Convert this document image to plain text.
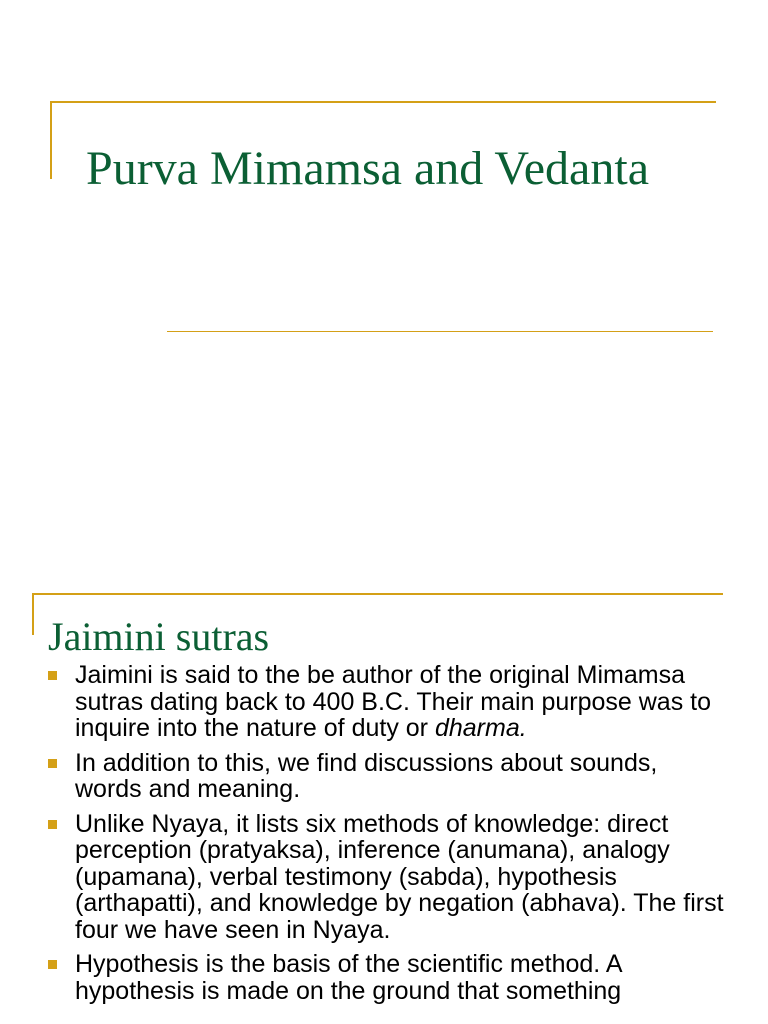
Purva Mimamsa and Vedanta
Jaimini sutras
Jaimini is said to the be author of the original Mimamsa sutras dating back to 400 B.C. Their main purpose was to inquire into the nature of duty or dharma.
In addition to this, we find discussions about sounds, words and meaning.
Unlike Nyaya, it lists six methods of knowledge: direct perception (pratyaksa), inference (anumana), analogy (upamana), verbal testimony (sabda), hypothesis (arthapatti), and knowledge by negation (abhava). The first four we have seen in Nyaya.
Hypothesis is the basis of the scientific method. A hypothesis is made on the ground that something
